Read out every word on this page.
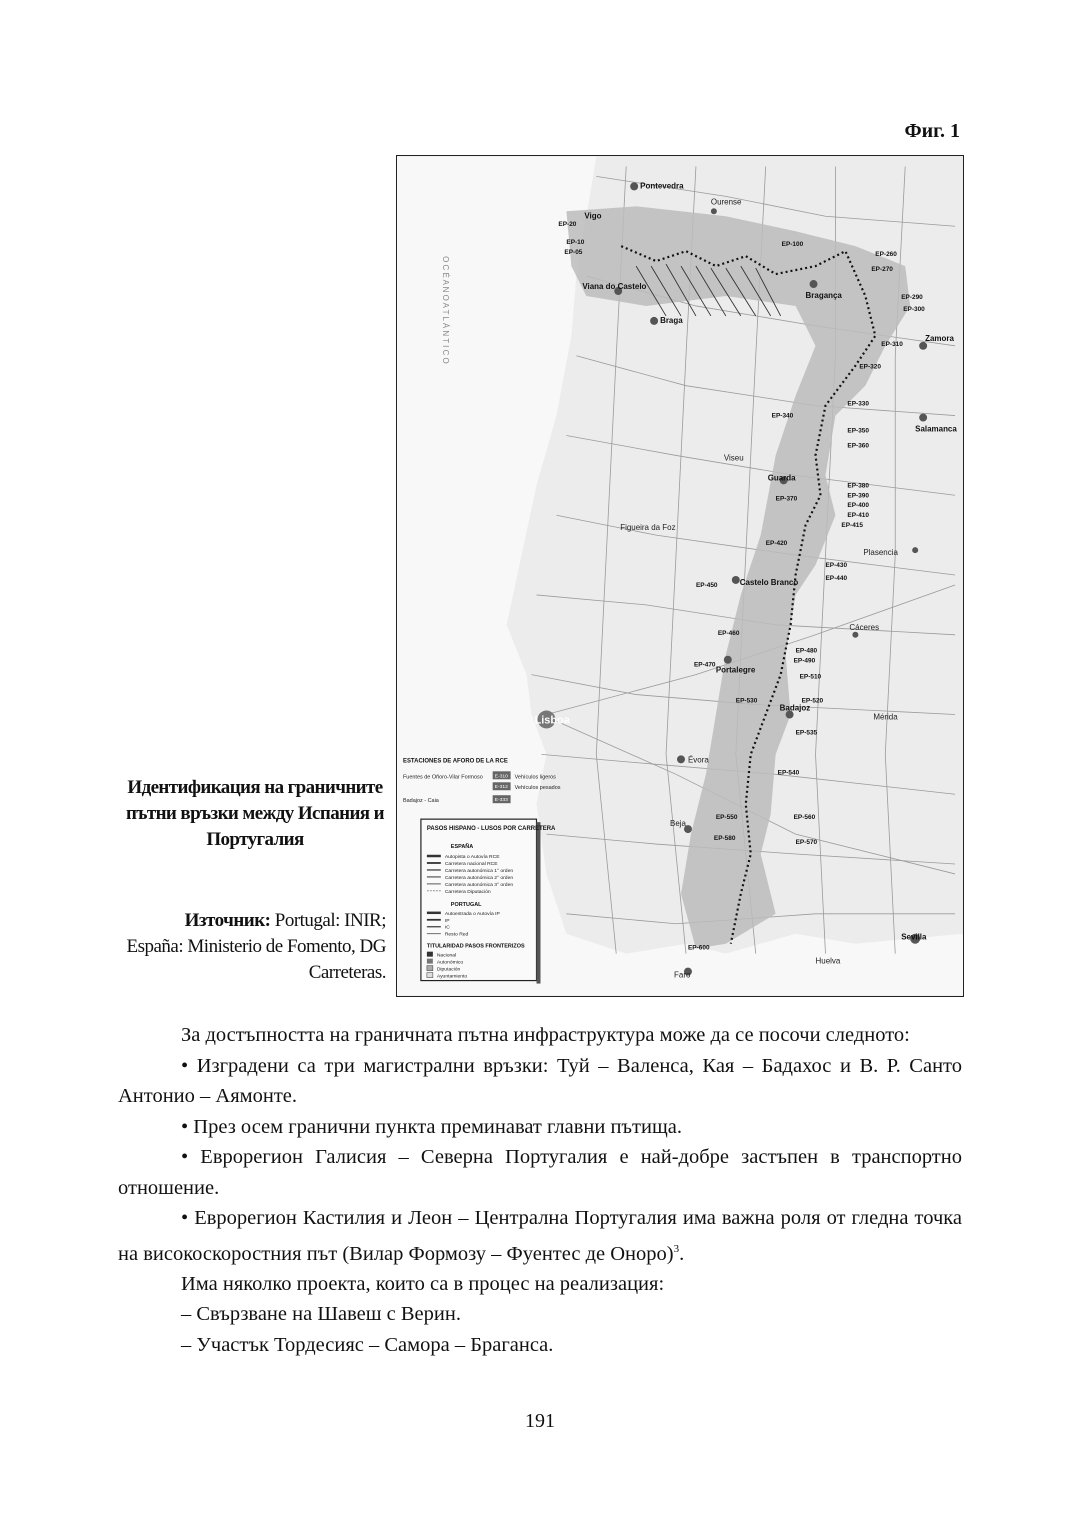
Фиг. 1
O C É A N O A T L Á N T I C O
Pontevedra
Ourense
Vigo
Viana do Castelo
Braga
Bragança
Zamora
Salamanca
Guarda
Viseu
Figueira da Foz
Plasencia
Castelo Branco
Cáceres
Portalegre
Lisboa
Badajoz
Mérida
Évora
Beja
Huelva
Sevilla
Faro
EP-20
EP-10
EP-05
EP-100
EP-260
EP-270
EP-290
EP-300
EP-310
EP-320
EP-330
EP-340
EP-350
EP-360
EP-370
EP-380
EP-390
EP-400
EP-410
EP-415
EP-420
EP-430
EP-440
EP-450
EP-460
EP-470
EP-480
EP-490
EP-510
EP-520
EP-530
EP-535
EP-540
EP-550	EP-560
EP-570
EP-580
EP-600
ESTACIONES DE AFORO DE LA RCE
Fuentes de Oñoro-Vilar Formoso E-310 Vehículos ligeros
E-312 Vehículos pesados
Badajoz - Caia	E-333
PASOS HISPANO - LUSOS POR CARRETERA
ESPAÑA
Autopista o Autovía RCE
Carretera nacional RCE
Carretera autonómica 1° orden
Carretera autonómica 2° orden
Carretera autonómica 3° orden
Carretera Diputación
PORTUGAL
Autoestrada o Autovía IP
IP
IC
Resto Red
TITULARIDAD PASOS FRONTERIZOS
Nacional
Autonómico
Diputación
Ayuntamiento
Идентификация на граничните пътни връзки между Испания и Португалия
Източник: Portugal: INIR; España: Ministerio de Fomento, DG Carreteras.

За достъпността на граничната пътна инфраструктура може да се посочи следното:

• Изградени са три магистрални връзки: Туй – Валенса, Кая – Бадахос и В. Р. Санто Антонио – Аямонте.

• През осем гранични пункта преминават главни пътища.

• Еврорегион Галисия – Северна Португалия е най-добре застъпен в транспортно отношение.

• Еврорегион Кастилия и Леон – Централна Португалия има важна роля от гледна точка на високоскоростния път (Вилар Формозу – Фуентес де Оноро)$^3$.

Има няколко проекта, които са в процес на реализация:

– Свързване на Шавеш с Верин.

– Участък Тордесияс – Самора – Браганса.

191
